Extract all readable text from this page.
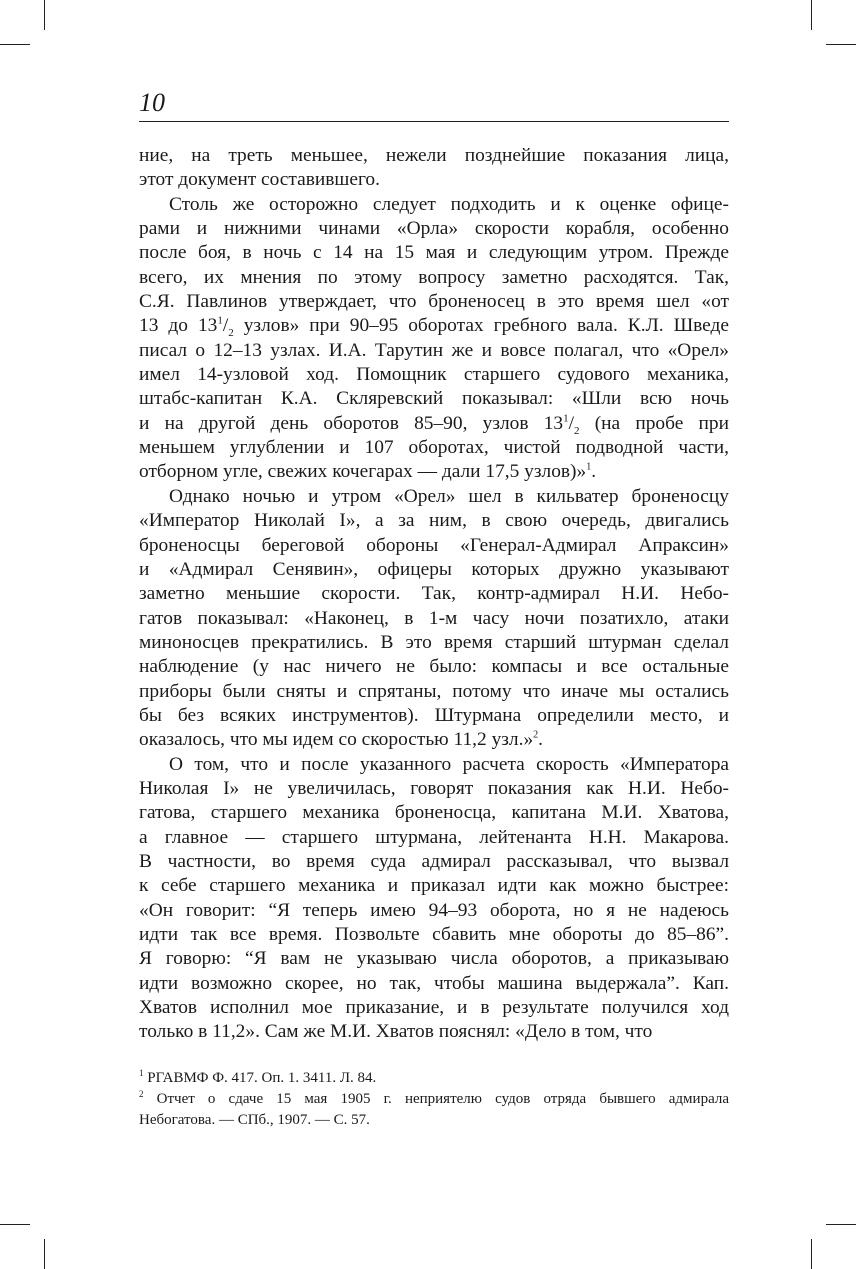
10

ние, на треть меньшее, нежели позднейшие показания лица,
этот документ составившего.

Столь же осторожно следует подходить и к оценке офице-
рами и нижними чинами «Орла» скорости корабля, особенно
после боя, в ночь с 14 на 15 мая и следующим утром. Прежде
всего, их мнения по этому вопросу заметно расходятся. Так,
С.Я. Павлинов утверждает, что броненосец в это время шел «от
13 до $13^1/_2$ узлов» при 90–95 оборотах гребного вала. К.Л. Шведе
писал о 12–13 узлах. И.А. Тарутин же и вовсе полагал, что «Орел»
имел 14-узловой ход. Помощник старшего судового механика,
штабс-капитан К.А. Скляревский показывал: «Шли всю ночь
и на другой день оборотов 85–90, узлов $13^1/_2$ (на пробе при
меньшем углублении и 107 оборотах, чистой подводной части,
отборном угле, свежих кочегарах — дали 17,5 узлов)»$^1$.

Однако ночью и утром «Орел» шел в кильватер броненосцу
«Император Николай I», а за ним, в свою очередь, двигались
броненосцы береговой обороны «Генерал-Адмирал Апраксин»
и «Адмирал Сенявин», офицеры которых дружно указывают
заметно меньшие скорости. Так, контр-адмирал Н.И. Небо-
гатов показывал: «Наконец, в 1-м часу ночи позатихло, атаки
миноносцев прекратились. В это время старший штурман сделал
наблюдение (у нас ничего не было: компасы и все остальные
приборы были сняты и спрятаны, потому что иначе мы остались
бы без всяких инструментов). Штурмана определили место, и
оказалось, что мы идем со скоростью 11,2 узл.»$^2$.

О том, что и после указанного расчета скорость «Императора
Николая I» не увеличилась, говорят показания как Н.И. Небо-
гатова, старшего механика броненосца, капитана М.И. Хватова,
а главное — старшего штурмана, лейтенанта Н.Н. Макарова.
В частности, во время суда адмирал рассказывал, что вызвал
к себе старшего механика и приказал идти как можно быстрее:
«Он говорит: “Я теперь имею 94–93 оборота, но я не надеюсь
идти так все время. Позвольте сбавить мне обороты до 85–86”.
Я говорю: “Я вам не указываю числа оборотов, а приказываю
идти возможно скорее, но так, чтобы машина выдержала”. Кап.
Хватов исполнил мое приказание, и в результате получился ход
только в 11,2». Сам же М.И. Хватов пояснял: «Дело в том, что

$^1$ РГАВМФ Ф. 417. Оп. 1. 3411. Л. 84.

$^2$ Отчет о сдаче 15 мая 1905 г. неприятелю судов отряда бывшего адмирала
Небогатова. — СПб., 1907. — С. 57.
